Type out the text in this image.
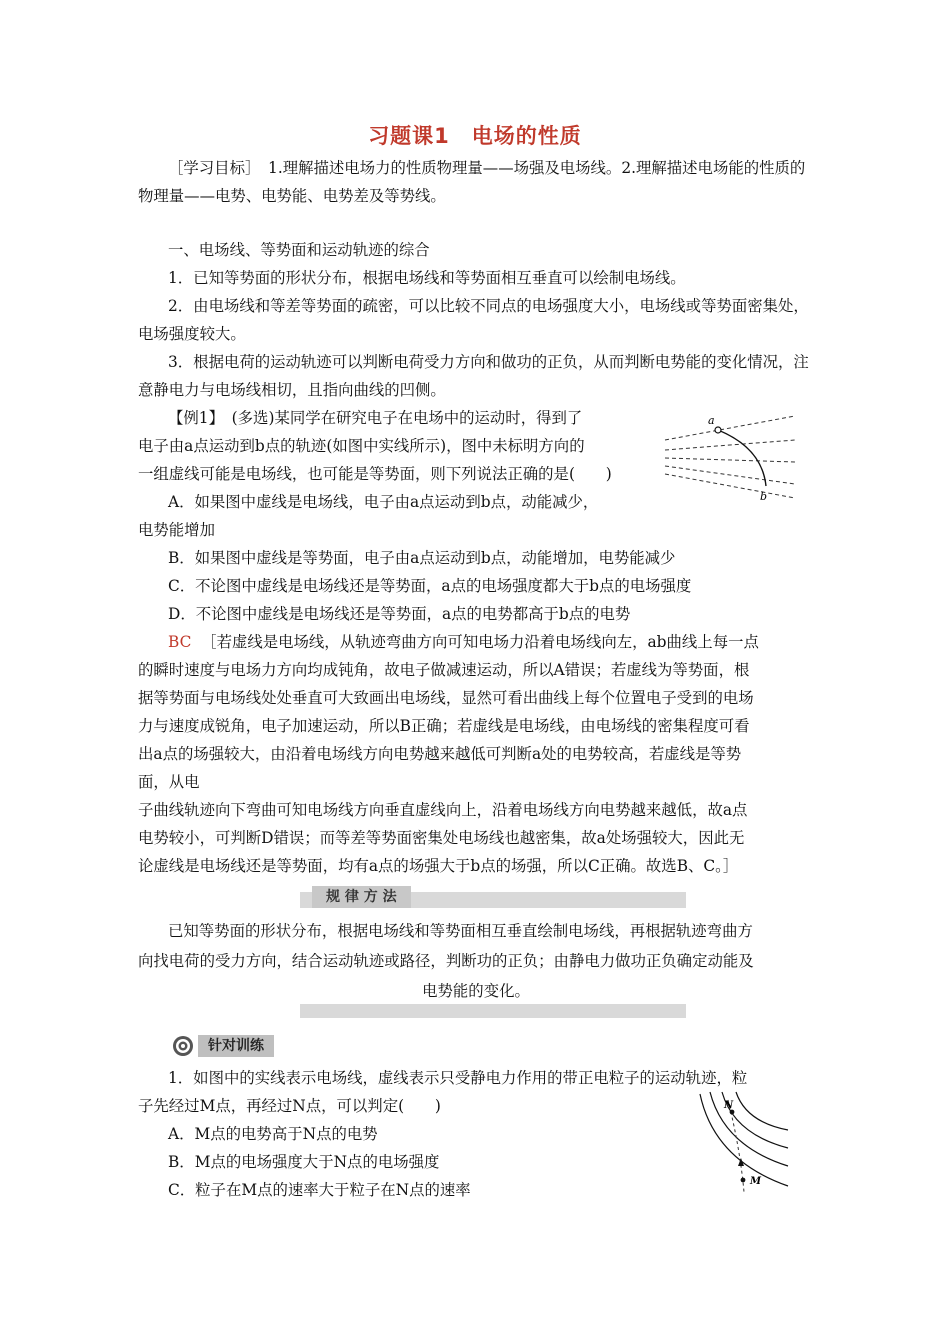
习题课1　电场的性质
［学习目标］　1.理解描述电场力的性质物理量——场强及电场线。2.理解描述电场能的性质的物理量——电势、电势能、电势差及等势线。
一、电场线、等势面和运动轨迹的综合
1．已知等势面的形状分布，根据电场线和等势面相互垂直可以绘制电场线。
2．由电场线和等差等势面的疏密，可以比较不同点的电场强度大小，电场线或等势面密集处，电场强度较大。
3．根据电荷的运动轨迹可以判断电荷受力方向和做功的正负，从而判断电势能的变化情况，注意静电力与电场线相切，且指向曲线的凹侧。
【例1】　(多选)某同学在研究电子在电场中的运动时，得到了
电子由a点运动到b点的轨迹(如图中实线所示)，图中未标明方向的
一组虚线可能是电场线，也可能是等势面，则下列说法正确的是(　　)
A．如果图中虚线是电场线，电子由a点运动到b点，动能减少，
电势能增加
B．如果图中虚线是等势面，电子由a点运动到b点，动能增加，电势能减少
C．不论图中虚线是电场线还是等势面，a点的电场强度都大于b点的电场强度
D．不论图中虚线是电场线还是等势面，a点的电势都高于b点的电势
BC ［若虚线是电场线，从轨迹弯曲方向可知电场力沿着电场线向左，ab曲线上每一点
的瞬时速度与电场力方向均成钝角，故电子做减速运动，所以A错误；若虚线为等势面，根
据等势面与电场线处处垂直可大致画出电场线，显然可看出曲线上每个位置电子受到的电场
力与速度成锐角，电子加速运动，所以B正确；若虚线是电场线，由电场线的密集程度可看
出a点的场强较大，由沿着电场线方向电势越来越低可判断a处的电势较高，若虚线是等势
面，从电
子曲线轨迹向下弯曲可知电场线方向垂直虚线向上，沿着电场线方向电势越来越低，故a点
电势较小，可判断D错误；而等差等势面密集处电场线也越密集，故a处场强较大，因此无
论虚线是电场线还是等势面，均有a点的场强大于b点的场强，所以C正确。故选B、C。］
a
b
规 律 方 法
已知等势面的形状分布，根据电场线和等势面相互垂直绘制电场线，再根据轨迹弯曲方
向找电荷的受力方向，结合运动轨迹或路径，判断功的正负；由静电力做功正负确定动能及
电势能的变化。
针对训练
1．如图中的实线表示电场线，虚线表示只受静电力作用的带正电粒子的运动轨迹，粒
子先经过M点，再经过N点，可以判定(　　)
A．M点的电势高于N点的电势
B．M点的电场强度大于N点的电场强度
C．粒子在M点的速率大于粒子在N点的速率
N
M
